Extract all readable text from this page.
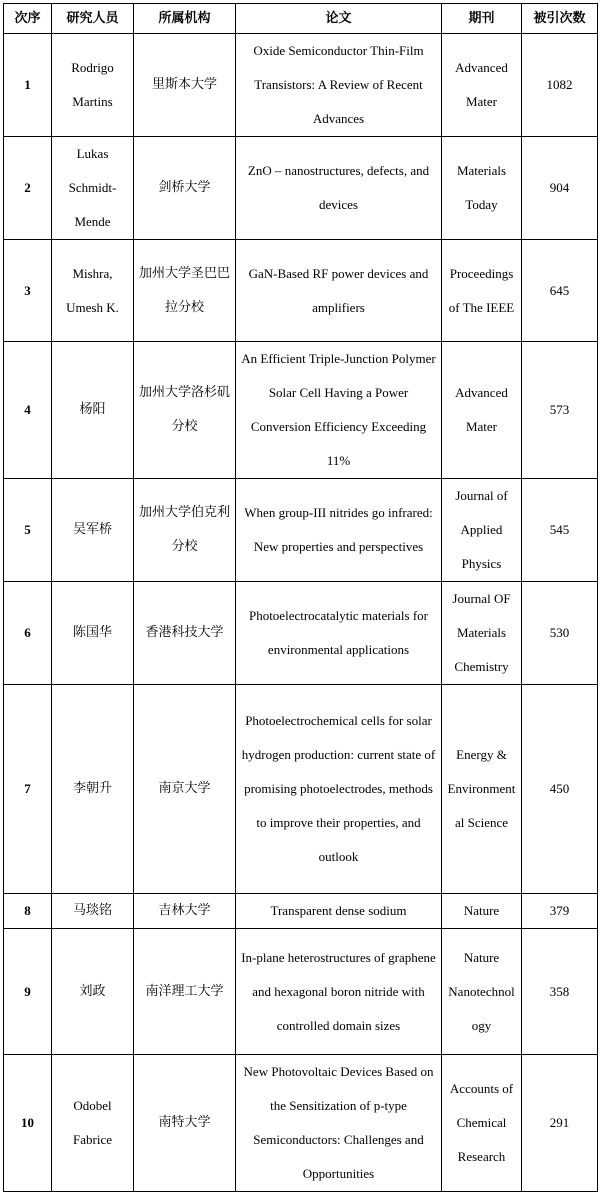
次序	研究人员	所属机构	论文	期刊	被引次数
1	Rodrigo Martins	里斯本大学	Oxide Semiconductor Thin-Film Transistors: A Review of Recent Advances	Advanced Mater	1082
2	Lukas Schmidt-Mende	剑桥大学	ZnO – nanostructures, defects, and devices	Materials Today	904
3	Mishra, Umesh K.	加州大学圣巴巴拉分校	GaN-Based RF power devices and amplifiers	Proceedings of The IEEE	645
4	杨阳	加州大学洛杉矶分校	An Efficient Triple-Junction Polymer Solar Cell Having a Power Conversion Efficiency Exceeding 11%	Advanced Mater	573
5	吴军桥	加州大学伯克利分校	When group-III nitrides go infrared: New properties and perspectives	Journal of Applied Physics	545
6	陈国华	香港科技大学	Photoelectrocatalytic materials for environmental applications	Journal OF Materials Chemistry	530
7	李朝升	南京大学	Photoelectrochemical cells for solar hydrogen production: current state of promising photoelectrodes, methods to improve their properties, and outlook	Energy & Environmental Science	450
8	马琰铭	吉林大学	Transparent dense sodium	Nature	379
9	刘政	南洋理工大学	In-plane heterostructures of graphene and hexagonal boron nitride with controlled domain sizes	Nature Nanotechnology	358
10	Odobel Fabrice	南特大学	New Photovoltaic Devices Based on the Sensitization of p-type Semiconductors: Challenges and Opportunities	Accounts of Chemical Research	291
